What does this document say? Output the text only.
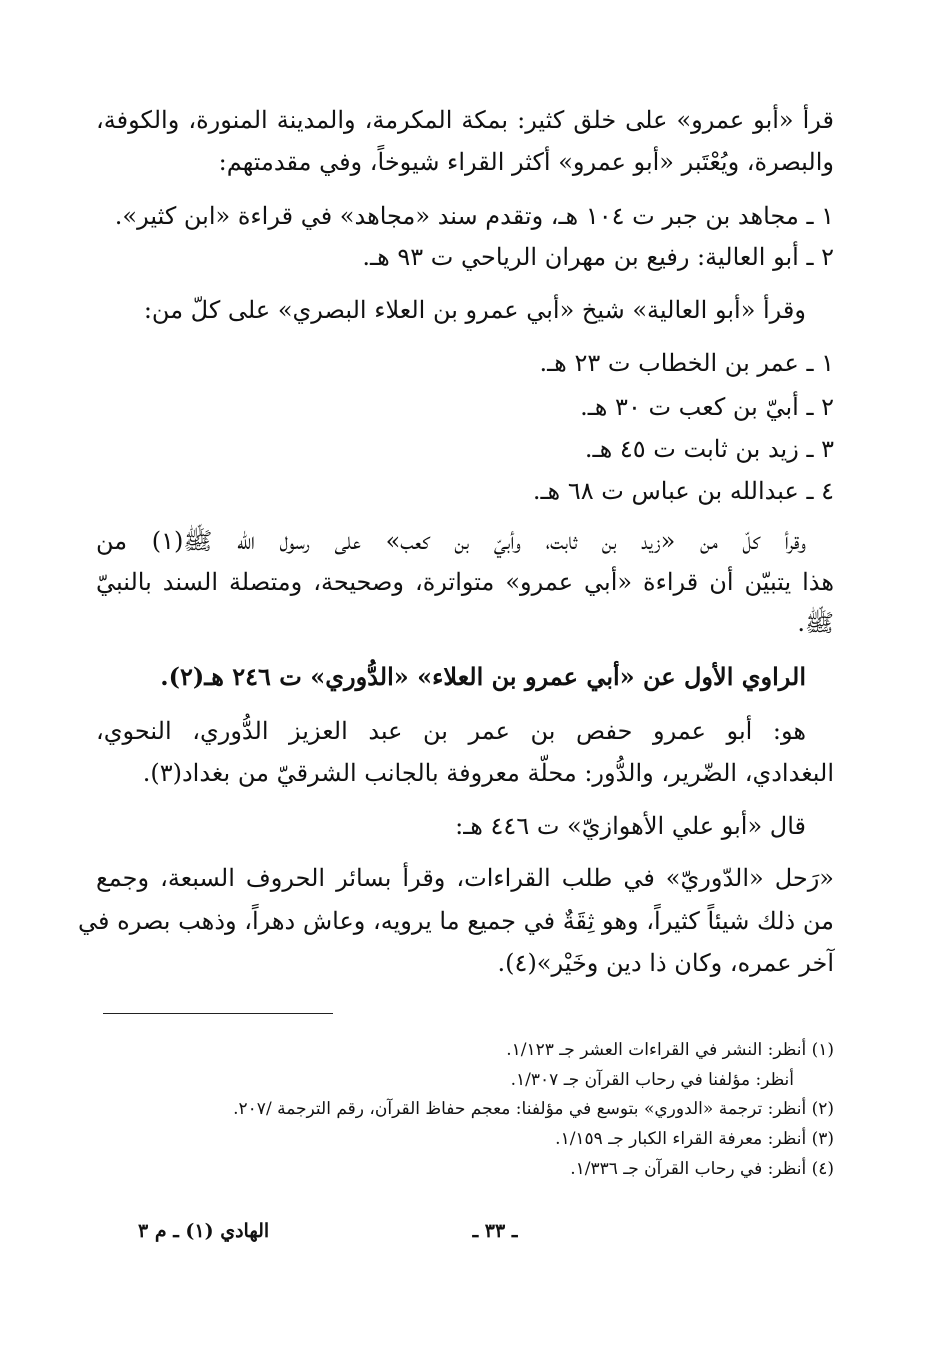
قرأ «أبو عمرو» على خلق كثير: بمكة المكرمة، والمدينة المنورة، والكوفة،
والبصرة، ويُعْتَبر «أبو عمرو» أكثر القراء شيوخاً، وفي مقدمتهم:
١ ـ مجاهد بن جبر ت ١٠٤ هـ، وتقدم سند «مجاهد» في قراءة «ابن كثير».
٢ ـ أبو العالية: رفيع بن مهران الرياحي ت ٩٣ هـ.
وقرأ «أبو العالية» شيخ «أبي عمرو بن العلاء البصري» على كلّ من:
١ ـ عمر بن الخطاب ت ٢٣ هـ.
٢ ـ أبيّ بن كعب ت ٣٠ هـ.
٣ ـ زيد بن ثابت ت ٤٥ هـ.
٤ ـ عبدالله بن عباس ت ٦٨ هـ.
وقرأ كلّ من «زيد بن ثابت، وأبيّ بن كعب» على رسول الله ﷺ(١) من
هذا يتبيّن أن قراءة «أبي عمرو» متواترة، وصحيحة، ومتصلة السند بالنبيّ
ﷺ.
الراوي الأول عن «أبي عمرو بن العلاء» «الدُّوري» ت ٢٤٦ هـ(٢).
هو: أبو عمرو حفص بن عمر بن عبد العزيز الدُّوري، النحوي،
البغدادي، الضّرير، والدُّور: محلّة معروفة بالجانب الشرقيّ من بغداد(٣).
قال «أبو علي الأهوازيّ» ت ٤٤٦ هـ:
«رَحل «الدّوريّ» في طلب القراءات، وقرأ بسائر الحروف السبعة، وجمع
من ذلك شيئاً كثيراً، وهو ثِقَةٌ في جميع ما يرويه، وعاش دهراً، وذهب بصره في
آخر عمره، وكان ذا دين وخَيْر»(٤).
(١) أنظر: النشر في القراءات العشر جـ ١/١٢٣.
أنظر: مؤلفنا في رحاب القرآن جـ ١/٣٠٧.
(٢) أنظر: ترجمة «الدوري» بتوسع في مؤلفنا: معجم حفاظ القرآن، رقم الترجمة /٢٠٧.
(٣) أنظر: معرفة القراء الكبار جـ ١/١٥٩.
(٤) أنظر: في رحاب القرآن جـ ١/٣٣٦.
ـ ٣٣ ـ
الهادي (١) ـ م ٣
